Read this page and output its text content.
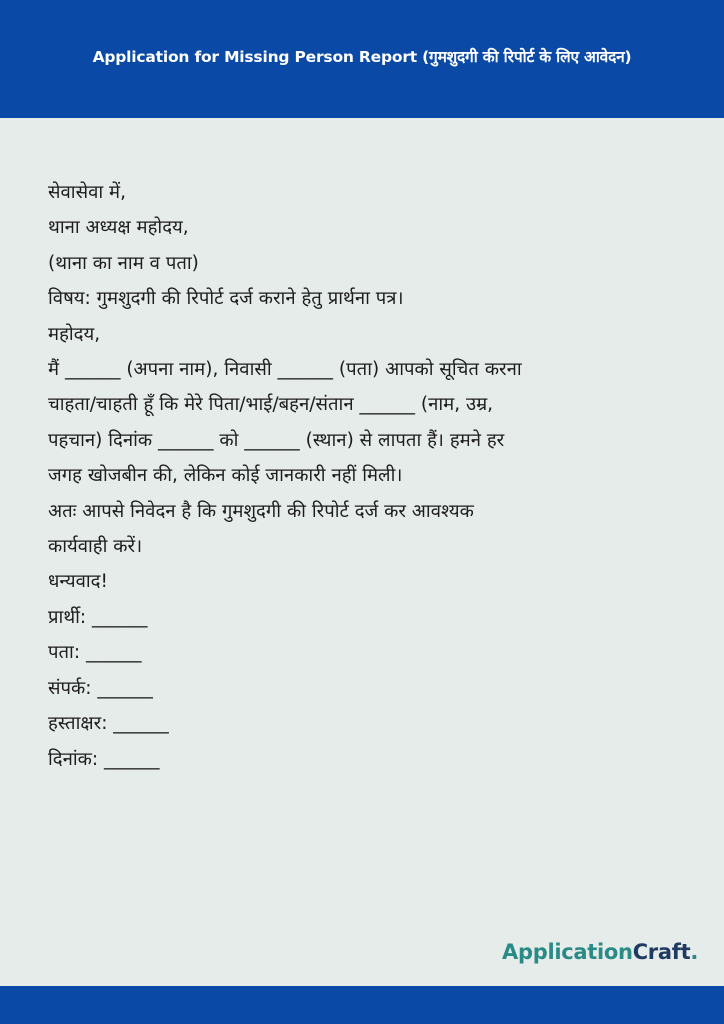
Application for Missing Person Report (गुमशुदगी की रिपोर्ट के लिए आवेदन)
सेवासेवा में,
थाना अध्यक्ष महोदय,
(थाना का नाम व पता)
विषय: गुमशुदगी की रिपोर्ट दर्ज कराने हेतु प्रार्थना पत्र।
महोदय,
मैं ______ (अपना नाम), निवासी ______ (पता) आपको सूचित करना
चाहता/चाहती हूँ कि मेरे पिता/भाई/बहन/संतान ______ (नाम, उम्र,
पहचान) दिनांक ______ को ______ (स्थान) से लापता हैं। हमने हर
जगह खोजबीन की, लेकिन कोई जानकारी नहीं मिली।
अतः आपसे निवेदन है कि गुमशुदगी की रिपोर्ट दर्ज कर आवश्यक
कार्यवाही करें।
धन्यवाद!
प्रार्थी: ______
पता: ______
संपर्क: ______
हस्ताक्षर: ______
दिनांक: ______
ApplicationCraft.
